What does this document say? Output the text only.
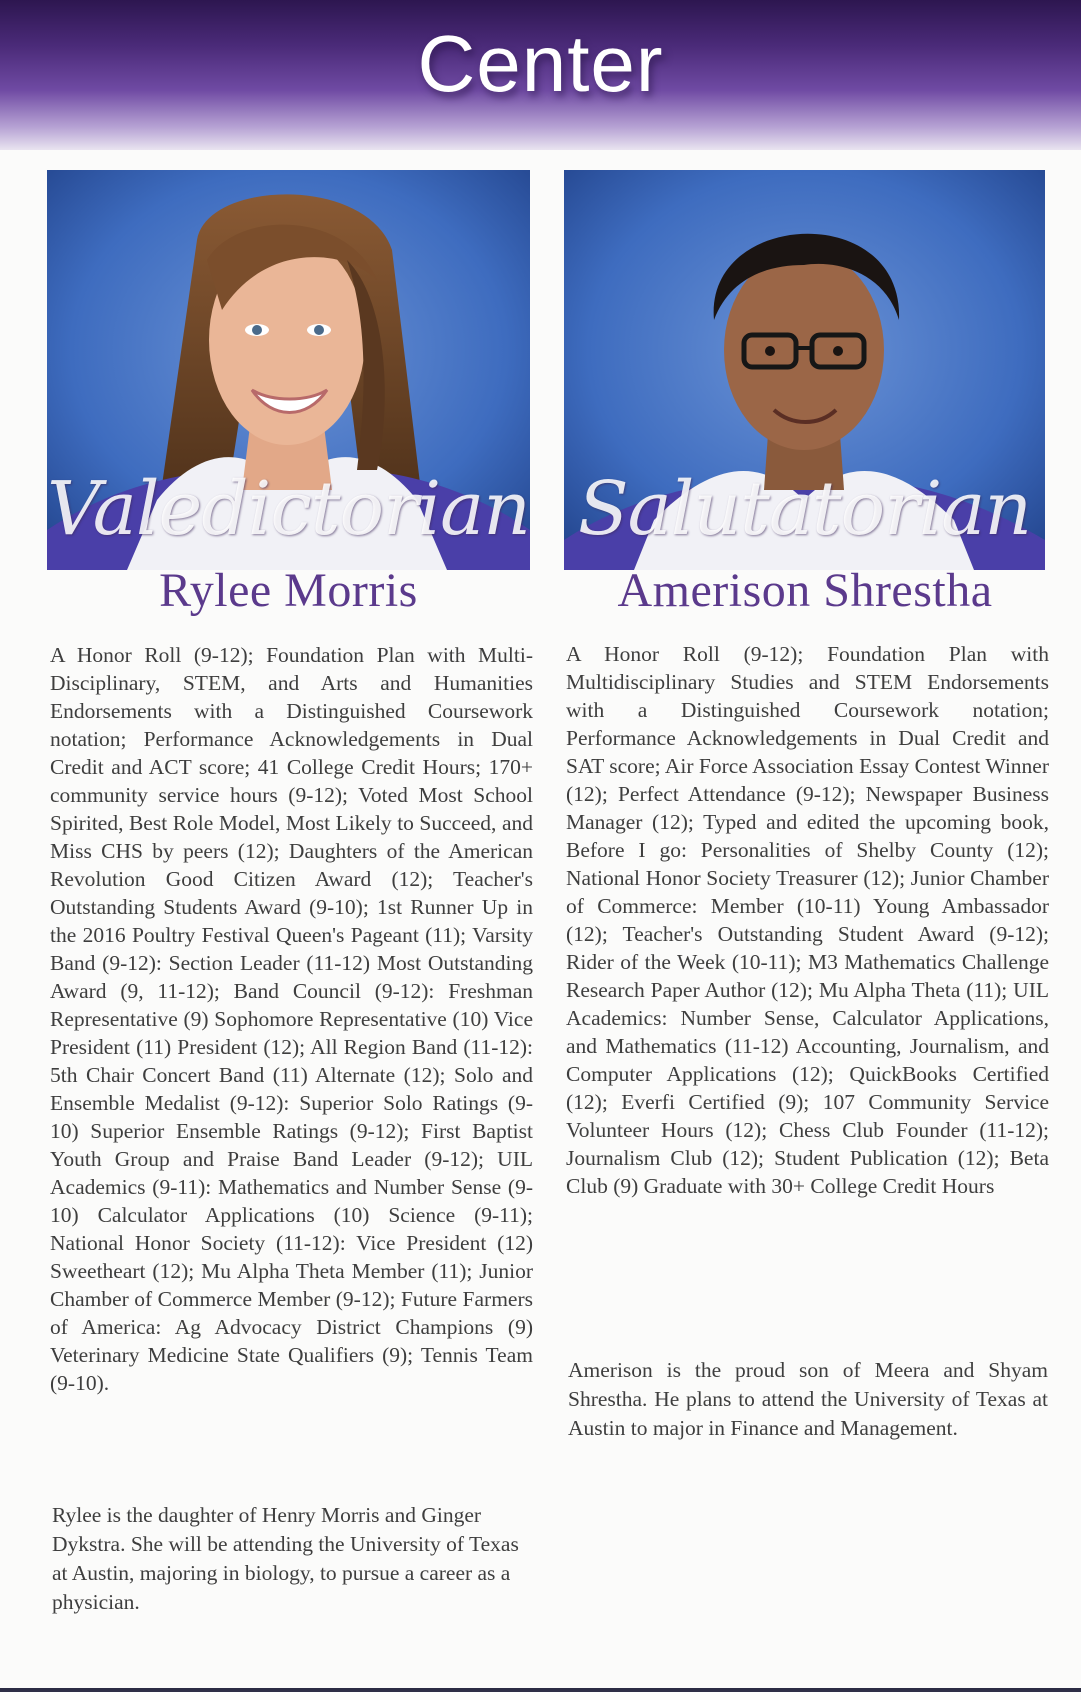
Center
Valedictorian Salutatorian
Rylee Morris	Amerison Shrestha
A Honor Roll (9-12); Foundation Plan with Multi-Disciplinary, STEM, and Arts and Humanities Endorsements with a Distinguished Coursework notation; Performance Acknowledgements in Dual Credit and ACT score; 41 College Credit Hours; 170+ community service hours (9-12); Voted Most School Spirited, Best Role Model, Most Likely to Succeed, and Miss CHS by peers (12); Daughters of the American Revolution Good Citizen Award (12); Teacher's Outstanding Students Award (9-10); 1st Runner Up in the 2016 Poultry Festival Queen's Pageant (11); Varsity Band (9-12): Section Leader (11-12) Most Outstanding Award (9, 11-12); Band Council (9-12): Freshman Representative (9) Sophomore Representative (10) Vice President (11) President (12); All Region Band (11-12): 5th Chair Concert Band (11) Alternate (12); Solo and Ensemble Medalist (9-12): Superior Solo Ratings (9-10) Superior Ensemble Ratings (9-12); First Baptist Youth Group and Praise Band Leader (9-12); UIL Academics (9-11): Mathematics and Number Sense (9-10) Calculator Applications (10) Science (9-11); National Honor Society (11-12): Vice President (12) Sweetheart (12); Mu Alpha Theta Member (11); Junior Chamber of Commerce Member (9-12); Future Farmers of America: Ag Advocacy District Champions (9) Veterinary Medicine State Qualifiers (9); Tennis Team (9-10).
A Honor Roll (9-12); Foundation Plan with Multidisciplinary Studies and STEM Endorsements with a Distinguished Coursework notation; Performance Acknowledgements in Dual Credit and SAT score; Air Force Association Essay Contest Winner (12); Perfect Attendance (9-12); Newspaper Business Manager (12); Typed and edited the upcoming book, Before I go: Personalities of Shelby County (12); National Honor Society Treasurer (12); Junior Chamber of Commerce: Member (10-11) Young Ambassador (12); Teacher's Outstanding Student Award (9-12); Rider of the Week (10-11); M3 Mathematics Challenge Research Paper Author (12); Mu Alpha Theta (11); UIL Academics: Number Sense, Calculator Applications, and Mathematics (11-12) Accounting, Journalism, and Computer Applications (12); QuickBooks Certified (12); Everfi Certified (9); 107 Community Service Volunteer Hours (12); Chess Club Founder (11-12); Journalism Club (12); Student Publication (12); Beta Club (9) Graduate with 30+ College Credit Hours
Rylee is the daughter of Henry Morris and Ginger Dykstra. She will be attending the University of Texas at Austin, majoring in biology, to pursue a career as a physician.
Amerison is the proud son of Meera and Shyam Shrestha. He plans to attend the University of Texas at Austin to major in Finance and Management.
